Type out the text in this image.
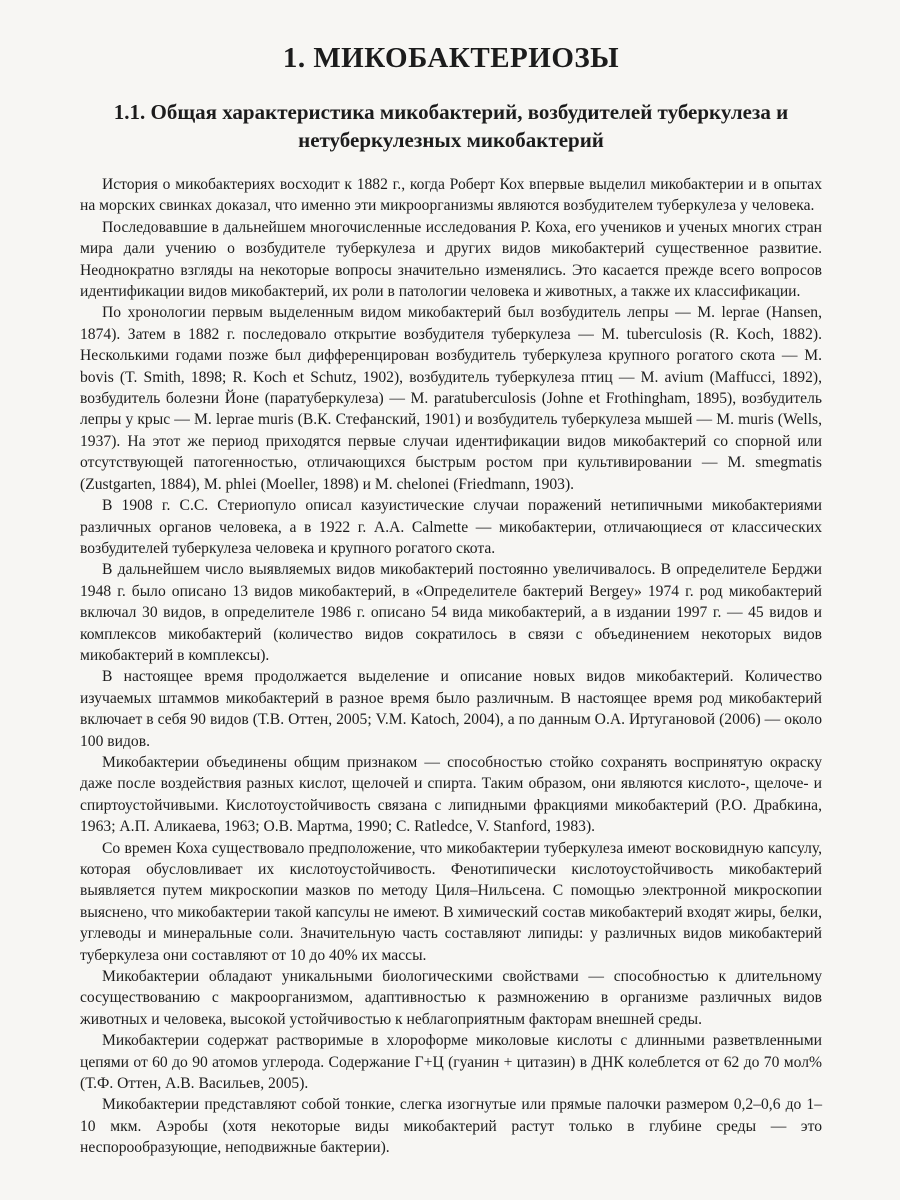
1. МИКОБАКТЕРИОЗЫ
1.1. Общая характеристика микобактерий, возбудителей туберкулеза и нетуберкулезных микобактерий

История о микобактериях восходит к 1882 г., когда Роберт Кох впервые выделил микобактерии и в опытах на морских свинках доказал, что именно эти микроорганизмы являются возбудителем туберкулеза у человека.

Последовавшие в дальнейшем многочисленные исследования Р. Коха, его учеников и ученых многих стран мира дали учению о возбудителе туберкулеза и других видов микобактерий существенное развитие. Неоднократно взгляды на некоторые вопросы значительно изменялись. Это касается прежде всего вопросов идентификации видов микобактерий, их роли в патологии человека и животных, а также их классификации.

По хронологии первым выделенным видом микобактерий был возбудитель лепры — M. leprae (Hansen, 1874). Затем в 1882 г. последовало открытие возбудителя туберкулеза — M. tuberculosis (R. Koch, 1882). Несколькими годами позже был дифференцирован возбудитель туберкулеза крупного рогатого скота — M. bovis (T. Smith, 1898; R. Koch et Schutz, 1902), возбудитель туберкулеза птиц — M. avium (Maffucci, 1892), возбудитель болезни Йоне (паратуберкулеза) — M. paratuberculosis (Johne et Frothingham, 1895), возбудитель лепры у крыс — M. leprae muris (В.К. Стефанский, 1901) и возбудитель туберкулеза мышей — M. muris (Wells, 1937). На этот же период приходятся первые случаи идентификации видов микобактерий со спорной или отсутствующей патогенностью, отличающихся быстрым ростом при культивировании — M. smegmatis (Zustgarten, 1884), M. phlei (Moeller, 1898) и M. chelonei (Friedmann, 1903).

В 1908 г. С.С. Стериопуло описал казуистические случаи поражений нетипичными микобактериями различных органов человека, а в 1922 г. A.A. Calmette — микобактерии, отличающиеся от классических возбудителей туберкулеза человека и крупного рогатого скота.

В дальнейшем число выявляемых видов микобактерий постоянно увеличивалось. В определителе Берджи 1948 г. было описано 13 видов микобактерий, в «Определителе бактерий Bergey» 1974 г. род микобактерий включал 30 видов, в определителе 1986 г. описано 54 вида микобактерий, а в издании 1997 г. — 45 видов и комплексов микобактерий (количество видов сократилось в связи с объединением некоторых видов микобактерий в комплексы).

В настоящее время продолжается выделение и описание новых видов микобактерий. Количество изучаемых штаммов микобактерий в разное время было различным. В настоящее время род микобактерий включает в себя 90 видов (Т.В. Оттен, 2005; V.M. Katoch, 2004), а по данным О.А. Иртугановой (2006) — около 100 видов.

Микобактерии объединены общим признаком — способностью стойко сохранять воспринятую окраску даже после воздействия разных кислот, щелочей и спирта. Таким образом, они являются кислото-, щелоче- и спиртоустойчивыми. Кислотоустойчивость связана с липидными фракциями микобактерий (Р.О. Драбкина, 1963; А.П. Аликаева, 1963; О.В. Мартма, 1990; C. Ratledce, V. Stanford, 1983).

Со времен Коха существовало предположение, что микобактерии туберкулеза имеют восковидную капсулу, которая обусловливает их кислотоустойчивость. Фенотипически кислотоустойчивость микобактерий выявляется путем микроскопии мазков по методу Циля–Нильсена. С помощью электронной микроскопии выяснено, что микобактерии такой капсулы не имеют. В химический состав микобактерий входят жиры, белки, углеводы и минеральные соли. Значительную часть составляют липиды: у различных видов микобактерий туберкулеза они составляют от 10 до 40% их массы.

Микобактерии обладают уникальными биологическими свойствами — способностью к длительному сосуществованию с макроорганизмом, адаптивностью к размножению в организме различных видов животных и человека, высокой устойчивостью к неблагоприятным факторам внешней среды.

Микобактерии содержат растворимые в хлороформе миколовые кислоты с длинными разветвленными цепями от 60 до 90 атомов углерода. Содержание Г+Ц (гуанин + цитазин) в ДНК колеблется от 62 до 70 мол% (Т.Ф. Оттен, А.В. Васильев, 2005).

Микобактерии представляют собой тонкие, слегка изогнутые или прямые палочки размером 0,2–0,6 до 1–10 мкм. Аэробы (хотя некоторые виды микобактерий растут только в глубине среды — это неспорообразующие, неподвижные бактерии).
